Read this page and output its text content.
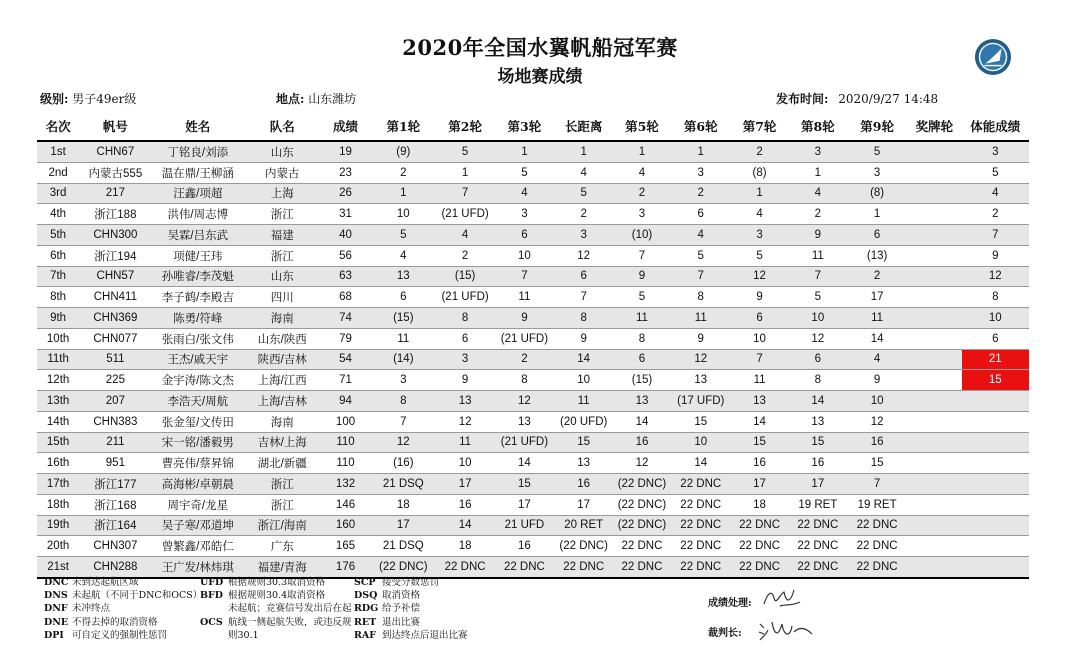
2020年全国水翼帆船冠军赛
场地赛成绩
级别: 男子49er级	地点: 山东潍坊	发布时间: 2020/9/27 14:48
名次	帆号	姓名	队名	成绩	第1轮	第2轮	第3轮	长距离	第5轮	第6轮	第7轮	第8轮	第9轮	奖牌轮	体能成绩
1st	CHN67	丁铭良/刘添	山东	19	(9)	5	1	1	1	1	2	3	5		3
2nd	内蒙古555	温在鼎/王柳涵	内蒙古	23	2	1	5	4	4	3	(8)	1	3		5
3rd	217	汪鑫/项超	上海	26	1	7	4	5	2	2	1	4	(8)		4
4th	浙江188	洪伟/周志博	浙江	31	10	(21 UFD)	3	2	3	6	4	2	1		2
5th	CHN300	吴霖/吕东武	福建	40	5	4	6	3	(10)	4	3	9	6		7
6th	浙江194	项健/王玮	浙江	56	4	2	10	12	7	5	5	11	(13)		9
7th	CHN57	孙唯睿/李茂魁	山东	63	13	(15)	7	6	9	7	12	7	2		12
8th	CHN411	李子鹤/李殿吉	四川	68	6	(21 UFD)	11	7	5	8	9	5	17		8
9th	CHN369	陈勇/符峰	海南	74	(15)	8	9	8	11	11	6	10	11		10
10th	CHN077	张雨白/张文伟	山东/陕西	79	11	6	(21 UFD)	9	8	9	10	12	14		6
11th	511	王杰/戚天宇	陕西/吉林	54	(14)	3	2	14	6	12	7	6	4		21
12th	225	金宇涛/陈文杰	上海/江西	71	3	9	8	10	(15)	13	11	8	9		15
13th	207	李浩天/周航	上海/吉林	94	8	13	12	11	13	(17 UFD)	13	14	10		
14th	CHN383	张金玺/文传田	海南	100	7	12	13	(20 UFD)	14	15	14	13	12		
15th	211	宋一铭/潘毅男	吉林/上海	110	12	11	(21 UFD)	15	16	10	15	15	16		
16th	951	曹亮伟/蔡昇锦	湖北/新疆	110	(16)	10	14	13	12	14	16	16	15		
17th	浙江177	高海彬/卓朝晨	浙江	132	21 DSQ	17	15	16	(22 DNC)	22 DNC	17	17	7		
18th	浙江168	周宇奇/龙星	浙江	146	18	16	17	17	(22 DNC)	22 DNC	18	19 RET	19 RET		
19th	浙江164	吴子寒/邓道坤	浙江/海南	160	17	14	21 UFD	20 RET	(22 DNC)	22 DNC	22 DNC	22 DNC	22 DNC		
20th	CHN307	曾繁鑫/邓皓仁	广东	165	21 DSQ	18	16	(22 DNC)	22 DNC	22 DNC	22 DNC	22 DNC	22 DNC		
21st	CHN288	王广发/林炜琪	福建/青海	176	(22 DNC)	22 DNC	22 DNC	22 DNC	22 DNC	22 DNC	22 DNC	22 DNC	22 DNC		
DNC 未到达起航区域
DNS 未起航（不同于DNC和OCS）
DNF 未冲终点
DNE 不得去掉的取消资格
DPI 可自定义的强制性惩罚
UFD 根据规则30.3取消资格
BFD 根据规则30.4取消资格
未起航；竞赛信号发出后在起
OCS 航线一侧起航失败，或违反规
则30.1
SCP 接受分数惩罚
DSQ 取消资格
RDG 给予补偿
RET 退出比赛
RAF 到达终点后退出比赛
成绩处理:
裁判长:
